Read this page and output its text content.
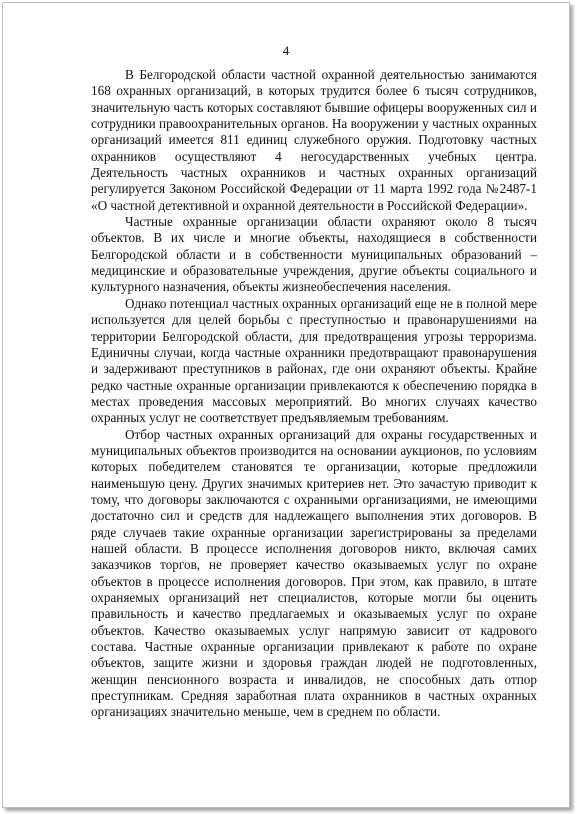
4

В Белгородской области частной охранной деятельностью занимаются 168 охранных организаций, в которых трудится более 6 тысяч сотрудников, значительную часть которых составляют бывшие офицеры вооруженных сил и сотрудники правоохранительных органов. На вооружении у частных охранных организаций имеется 811 единиц служебного оружия. Подготовку частных охранников осуществляют 4 негосударственных учебных центра. Деятельность частных охранников и частных охранных организаций регулируется Законом Российской Федерации от 11 марта 1992 года №2487-1 «О частной детективной и охранной деятельности в Российской Федерации».

Частные охранные организации области охраняют около 8 тысяч объектов. В их числе и многие объекты, находящиеся в собственности Белгородской области и в собственности муниципальных образований – медицинские и образовательные учреждения, другие объекты социального и культурного назначения, объекты жизнеобеспечения населения.

Однако потенциал частных охранных организаций еще не в полной мере используется для целей борьбы с преступностью и правонарушениями на территории Белгородской области, для предотвращения угрозы терроризма. Единичны случаи, когда частные охранники предотвращают правонарушения и задерживают преступников в районах, где они охраняют объекты. Крайне редко частные охранные организации привлекаются к обеспечению порядка в местах проведения массовых мероприятий. Во многих случаях качество охранных услуг не соответствует предъявляемым требованиям.

Отбор частных охранных организаций для охраны государственных и муниципальных объектов производится на основании аукционов, по условиям которых победителем становятся те организации, которые предложили наименьшую цену. Других значимых критериев нет. Это зачастую приводит к тому, что договоры заключаются с охранными организациями, не имеющими достаточно сил и средств для надлежащего выполнения этих договоров. В ряде случаев такие охранные организации зарегистрированы за пределами нашей области. В процессе исполнения договоров никто, включая самих заказчиков торгов, не проверяет качество оказываемых услуг по охране объектов в процессе исполнения договоров. При этом, как правило, в штате охраняемых организаций нет специалистов, которые могли бы оценить правильность и качество предлагаемых и оказываемых услуг по охране объектов. Качество оказываемых услуг напрямую зависит от кадрового состава. Частные охранные организации привлекают к работе по охране объектов, защите жизни и здоровья граждан людей не подготовленных, женщин пенсионного возраста и инвалидов, не способных дать отпор преступникам. Средняя заработная плата охранников в частных охранных организациях значительно меньше, чем в среднем по области.
